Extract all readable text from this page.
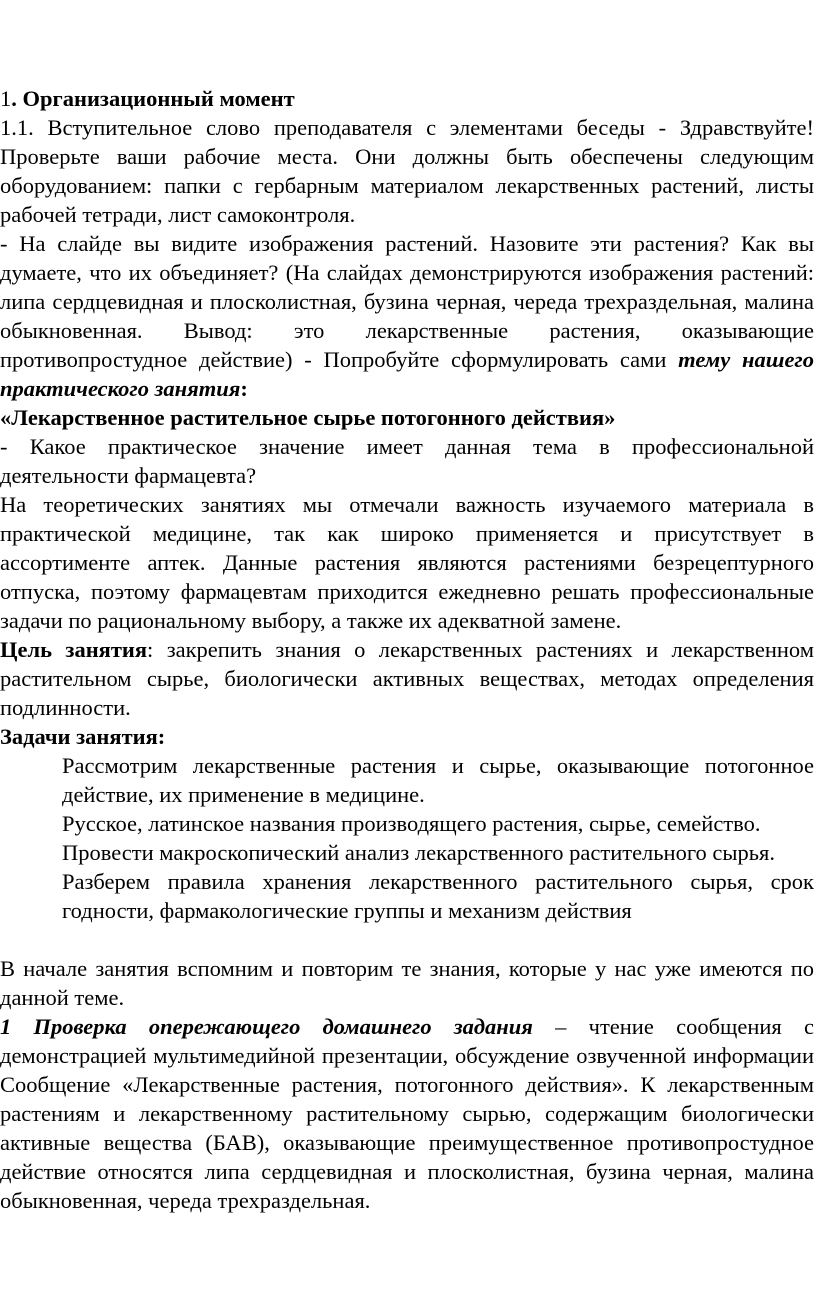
1. Организационный момент

1.1. Вступительное слово преподавателя с элементами беседы - Здравствуйте! Проверьте ваши рабочие места. Они должны быть обеспечены следующим оборудованием: папки с гербарным материалом лекарственных растений, листы рабочей тетради, лист самоконтроля.

- На слайде вы видите изображения растений. Назовите эти растения? Как вы думаете, что их объединяет? (На слайдах демонстрируются изображения растений: липа сердцевидная и плосколистная, бузина черная, череда трехраздельная, малина обыкновенная. Вывод: это лекарственные растения, оказывающие противопростудное действие) - Попробуйте сформулировать сами тему нашего практического занятия:

«Лекарственное растительное сырье потогонного действия»

- Какое практическое значение имеет данная тема в профессиональной деятельности фармацевта?

На теоретических занятиях мы отмечали важность изучаемого материала в практической медицине, так как широко применяется и присутствует в ассортименте аптек. Данные растения являются растениями безрецептурного отпуска, поэтому фармацевтам приходится ежедневно решать профессиональные задачи по рациональному выбору, а также их адекватной замене.

Цель занятия: закрепить знания о лекарственных растениях и лекарственном растительном сырье, биологически активных веществах, методах определения подлинности.

Задачи занятия:

Рассмотрим лекарственные растения и сырье, оказывающие потогонное действие, их применение в медицине.

Русское, латинское названия производящего растения, сырье, семейство.

Провести макроскопический анализ лекарственного растительного сырья.

Разберем правила хранения лекарственного растительного сырья, срок годности, фармакологические группы и механизм действия

В начале занятия вспомним и повторим те знания, которые у нас уже имеются по данной теме.

1 Проверка опережающего домашнего задания – чтение сообщения с демонстрацией мультимедийной презентации, обсуждение озвученной информации Сообщение «Лекарственные растения, потогонного действия». К лекарственным растениям и лекарственному растительному сырью, содержащим биологически активные вещества (БАВ), оказывающие преимущественное противопростудное действие относятся липа сердцевидная и плосколистная, бузина черная, малина обыкновенная, череда трехраздельная.
